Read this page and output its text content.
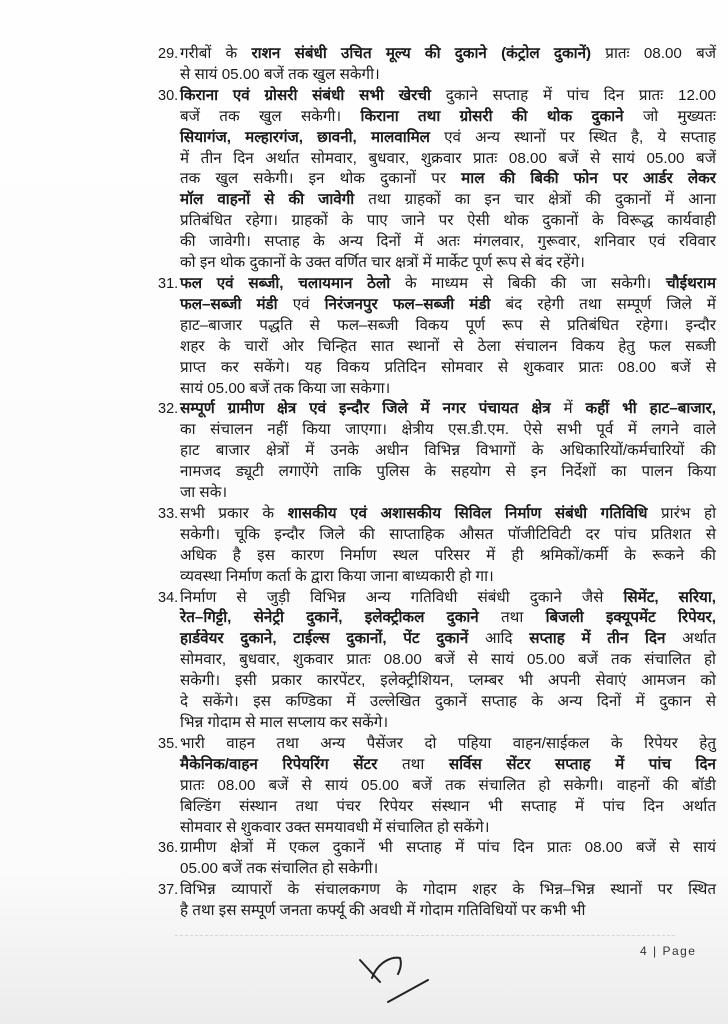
29. गरीबों के राशन संबंधी उचित मूल्य की दुकाने (कंट्रोल दुकानें) प्रातः 08.00 बजें
से सायं 05.00 बजें तक खुल सकेगी।
30. किराना एवं ग्रोसरी संबंधी सभी खेरची दुकाने सप्ताह में पांच दिन प्रातः 12.00
बजें तक खुल सकेगी। किराना तथा ग्रोसरी की थोक दुकाने जो मुख्यतः
सियागंज, मल्हारगंज, छावनी, मालवामिल एवं अन्य स्थानों पर स्थित है, ये सप्ताह
में तीन दिन अर्थात सोमवार, बुधवार, शुक्रवार प्रातः 08.00 बजें से सायं 05.00 बजें
तक खुल सकेगी। इन थोक दुकानों पर माल की बिकी फोन पर आर्डर लेकर
मॉल वाहनों से की जावेगी तथा ग्राहकों का इन चार क्षेत्रों की दुकानों में आना
प्रतिबंधित रहेगा। ग्राहकों के पाए जाने पर ऐसी थोक दुकानों के विरूद्ध कार्यवाही
की जावेगी। सप्ताह के अन्य दिनों में अतः मंगलवार, गुरूवार, शनिवार एवं रविवार
को इन थोक दुकानों के उक्त वर्णित चार क्षत्रों में मार्केट पूर्ण रूप से बंद रहेंगे।
31. फल एवं सब्जी, चलायमान ठेलो के माध्यम से बिकी की जा सकेगी। चौईथराम
फल–सब्जी मंडी एवं निरंजनपुर फल–सब्जी मंडी बंद रहेगी तथा सम्पूर्ण जिले में
हाट–बाजार पद्धति से फल–सब्जी विकय पूर्ण रूप से प्रतिबंधित रहेगा। इन्दौर
शहर के चारों ओर चिन्हित सात स्थानों से ठेला संचालन विकय हेतु फल सब्जी
प्राप्त कर सकेंगे। यह विकय प्रतिदिन सोमवार से शुकवार प्रातः 08.00 बजें से
सायं 05.00 बजें तक किया जा सकेगा।
32. सम्पूर्ण ग्रामीण क्षेत्र एवं इन्दौर जिले में नगर पंचायत क्षेत्र में कहीं भी हाट–बाजार,
का संचालन नहीं किया जाएगा। क्षेत्रीय एस.डी.एम. ऐसे सभी पूर्व में लगने वाले
हाट बाजार क्षेत्रों में उनके अधीन विभिन्न विभागों के अधिकारियों/कर्मचारियों की
नामजद ड्यूटी लगाऐंगे ताकि पुलिस के सहयोग से इन निर्देशों का पालन किया
जा सके।
33. सभी प्रकार के शासकीय एवं अशासकीय सिविल निर्माण संबंधी गतिविधि प्रारंभ हो
सकेगी। चूकि इन्दौर जिले की साप्ताहिक औसत पॉजीटिविटी दर पांच प्रतिशत से
अधिक है इस कारण निर्माण स्थल परिसर में ही श्रमिकों/कर्मी के रूकने की
व्यवस्था निर्माण कर्ता के द्वारा किया जाना बाध्यकारी हो गा।
34. निर्माण से जुड़ी विभिन्न अन्य गतिविधी संबंधी दुकाने जैसे सिमेंट, सरिया,
रेत–गिट्टी, सेनेट्री दुकानें, इलेक्ट्रीकल दुकाने तथा बिजली इक्यूपमेंट रिपेयर,
हार्डवेयर दुकाने, टाईल्स दुकानों, पेंट दुकानें आदि सप्ताह में तीन दिन अर्थात
सोमवार, बुधवार, शुकवार प्रातः 08.00 बजें से सायं 05.00 बजें तक संचालित हो
सकेगी। इसी प्रकार कारपेंटर, इलेक्ट्रीशियन, प्लम्बर भी अपनी सेवाएं आमजन को
दे सकेंगे। इस कण्डिका में उल्लेखित दुकानें सप्ताह के अन्य दिनों में दुकान से
भिन्न गोदाम से माल सप्लाय कर सकेंगे।
35. भारी वाहन तथा अन्य पैसेंजर दो पहिया वाहन/साईकल के रिपेयर हेतु
मैकेनिक/वाहन रिपेयरिंग सेंटर तथा सर्विस सेंटर सप्ताह में पांच दिन
प्रातः 08.00 बजें से सायं 05.00 बजें तक संचालित हो सकेगी। वाहनों की बॉडी
बिल्डिंग संस्थान तथा पंचर रिपेयर संस्थान भी सप्ताह में पांच दिन अर्थात
सोमवार से शुकवार उक्त समयावधी में संचालित हो सकेंगे।
36. ग्रामीण क्षेत्रों में एकल दुकानें भी सप्ताह में पांच दिन प्रातः 08.00 बजें से सायं
05.00 बजें तक संचालित हो सकेगी।
37. विभिन्न व्यापारों के संचालकगण के गोदाम शहर के भिन्न–भिन्न स्थानों पर स्थित
है तथा इस सम्पूर्ण जनता कर्फ्यू की अवधी में गोदाम गतिविधियों पर कभी भी
4 | Page
